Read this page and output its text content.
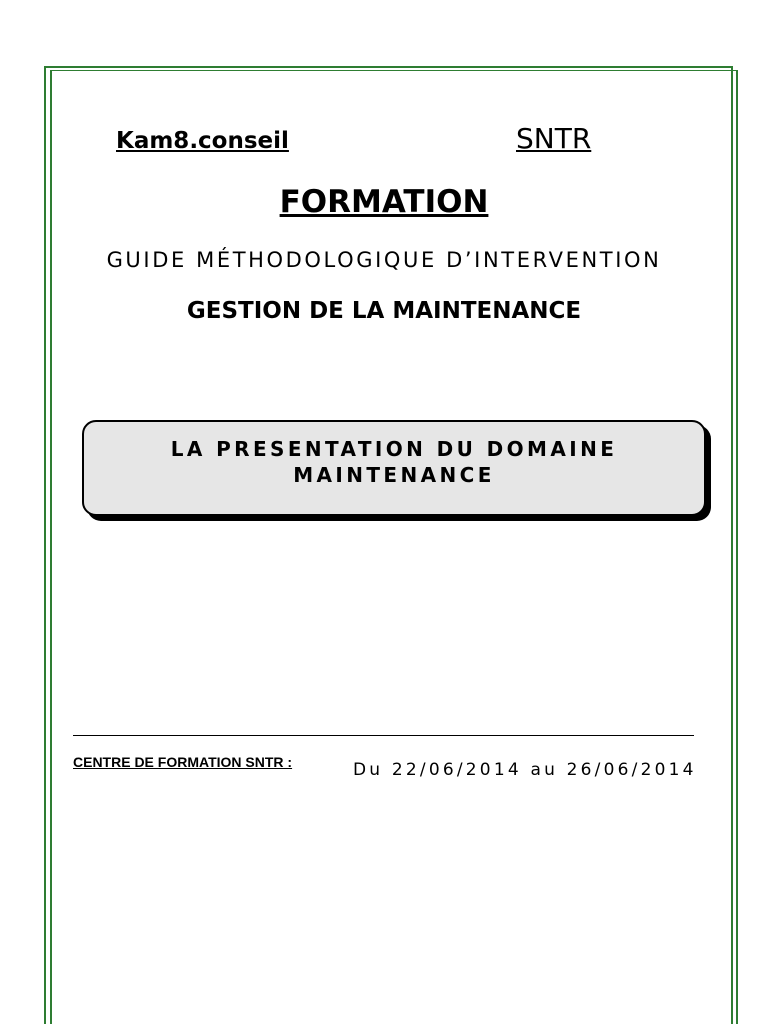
Kam8.conseil	SNTR
FORMATION
GUIDE MÉTHODOLOGIQUE D’INTERVENTION
GESTION DE LA MAINTENANCE
LA PRESENTATION DU DOMAINE
MAINTENANCE
CENTRE DE FORMATION SNTR :	Du 22/06/2014 au 26/06/2014
